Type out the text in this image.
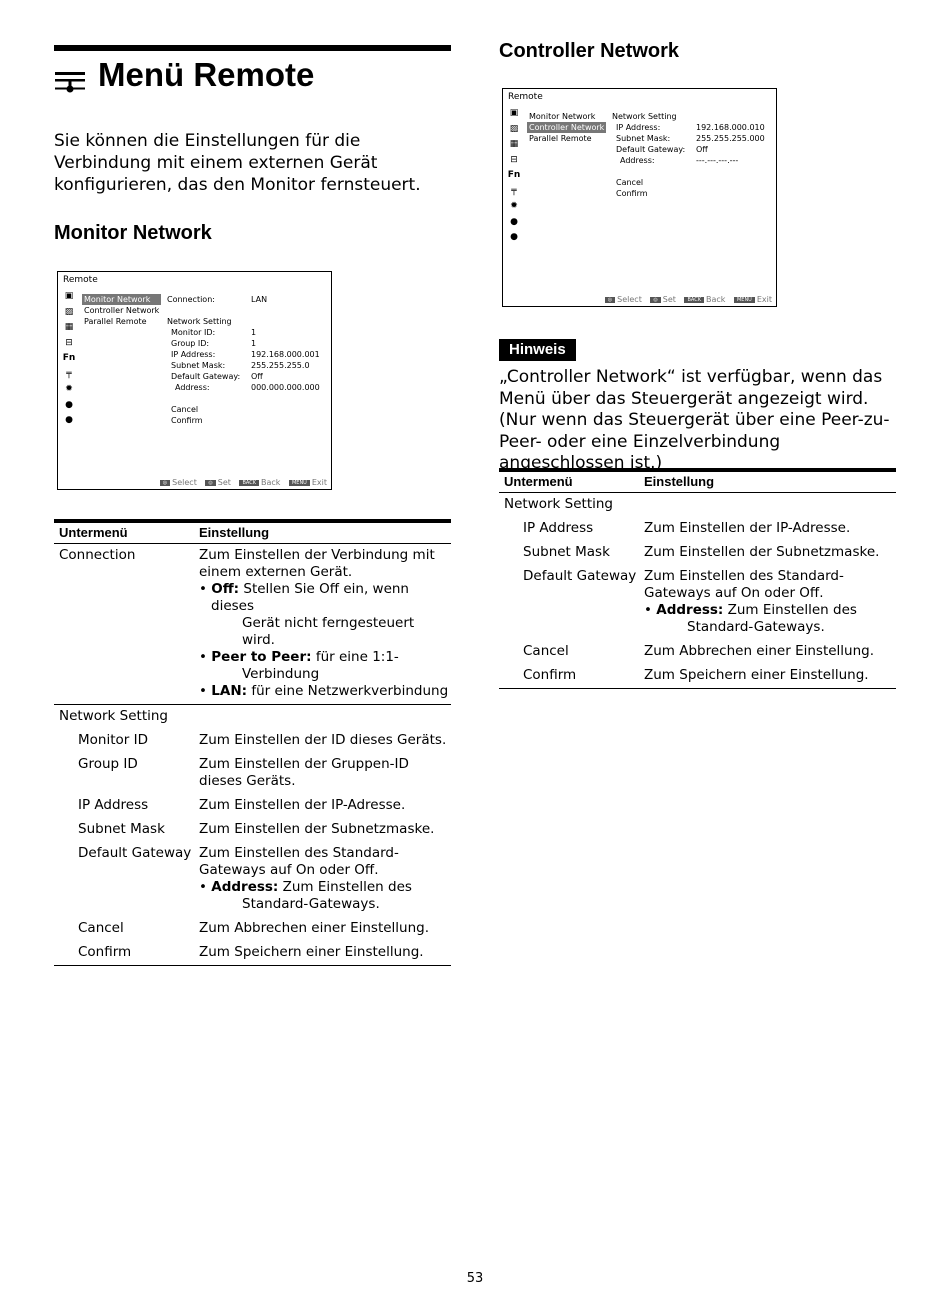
Menü Remote
Sie können die Einstellungen für die Verbindung mit einem externen Gerät konfigurieren, das den Monitor fernsteuert.
Monitor Network
Remote
▣
▨
▦
⊟
Fn
╤
✹
●
●
Monitor Network
Controller Network
Parallel Remote
Connection:	LAN
Network Setting
Monitor ID:	1
Group ID:	1
IP Address:	192.168.000.001
Subnet Mask:	255.255.255.0
Default Gateway: Off
Address:	000.000.000.000
Cancel
Confirm
◎ Select ◎ Set BACK Back MENU Exit
Untermenü	Einstellung
Connection	Zum Einstellen der Verbindung mit einem externen Gerät.
• Off: Stellen Sie Off ein, wenn dieses
Gerät nicht ferngesteuert wird.
• Peer to Peer: für eine 1:1-
Verbindung
• LAN: für eine Netzwerkverbindung
Network Setting
Monitor ID	Zum Einstellen der ID dieses Geräts.
Group ID	Zum Einstellen der Gruppen-ID dieses Geräts.
IP Address	Zum Einstellen der IP-Adresse.
Subnet Mask	Zum Einstellen der Subnetzmaske.
Default Gateway Zum Einstellen des Standard-Gateways auf On oder Off.
• Address: Zum Einstellen des
Standard-Gateways.
Cancel	Zum Abbrechen einer Einstellung.
Confirm	Zum Speichern einer Einstellung.
Controller Network
Remote
▣
▨
▦
⊟
Fn
╤
✹
●
●
Monitor Network
Controller Network
Parallel Remote
Network Setting
IP Address:	192.168.000.010
Subnet Mask:	255.255.255.000
Default Gateway: Off
Address:	---.---.---.---
Cancel
Confirm
◎ Select ◎ Set BACK Back MENU Exit
Hinweis
„Controller Network“ ist verfügbar, wenn das Menü über das Steuergerät angezeigt wird. (Nur wenn das Steuergerät über eine Peer-zu-Peer- oder eine Einzelverbindung angeschlossen ist.)
Untermenü	Einstellung
Network Setting
IP Address	Zum Einstellen der IP-Adresse.
Subnet Mask	Zum Einstellen der Subnetzmaske.
Default Gateway Zum Einstellen des Standard-Gateways auf On oder Off.
• Address: Zum Einstellen des
Standard-Gateways.
Cancel	Zum Abbrechen einer Einstellung.
Confirm	Zum Speichern einer Einstellung.
53
